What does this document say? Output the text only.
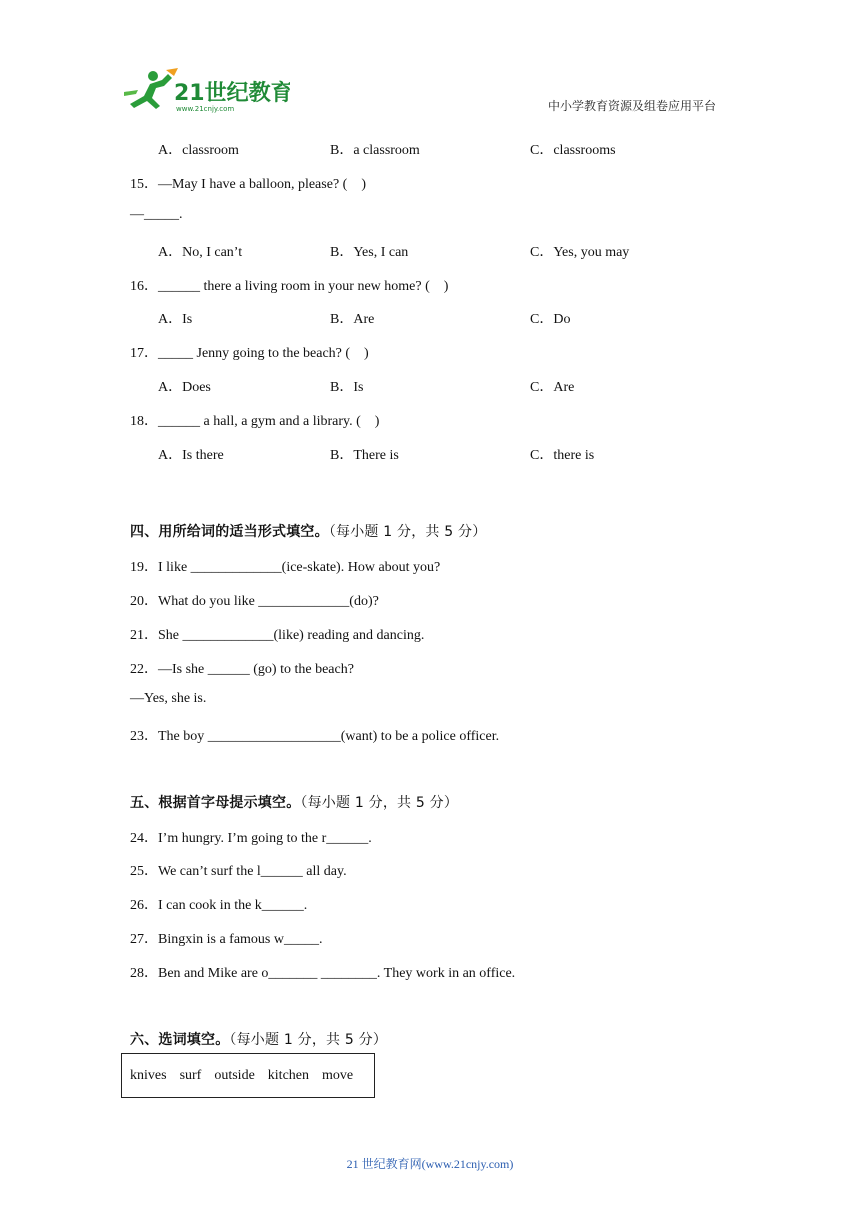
21世纪教育
www.21cnjy.com	中小学教育资源及组卷应用平台
A．classroom	B．a classroom	C．classrooms
15．—May I have a balloon, please? (　)
—_____.
A．No, I can’t	B．Yes, I can	C．Yes, you may
16．______ there a living room in your new home? (　)
A．Is	B．Are	C．Do
17．_____ Jenny going to the beach? (　)
A．Does	B．Is	C．Are
18．______ a hall, a gym and a library. (　)
A．Is there	B．There is	C．there is
四、用所给词的适当形式填空。（每小题 1 分，共 5 分）
19．I like _____________(ice-skate). How about you?
20．What do you like _____________(do)?
21．She _____________(like) reading and dancing.
22．—Is she ______ (go) to the beach?
—Yes, she is.
23．The boy ___________________(want) to be a police officer.
五、根据首字母提示填空。（每小题 1 分，共 5 分）
24．I’m hungry. I’m going to the r______.
25．We can’t surf the l______ all day.
26．I can cook in the k______.
27．Bingxin is a famous w_____.
28．Ben and Mike are o_______ ________. They work in an office.
六、选词填空。（每小题 1 分，共 5 分）
knives surf outside kitchen move
21 世纪教育网(www.21cnjy.com)
